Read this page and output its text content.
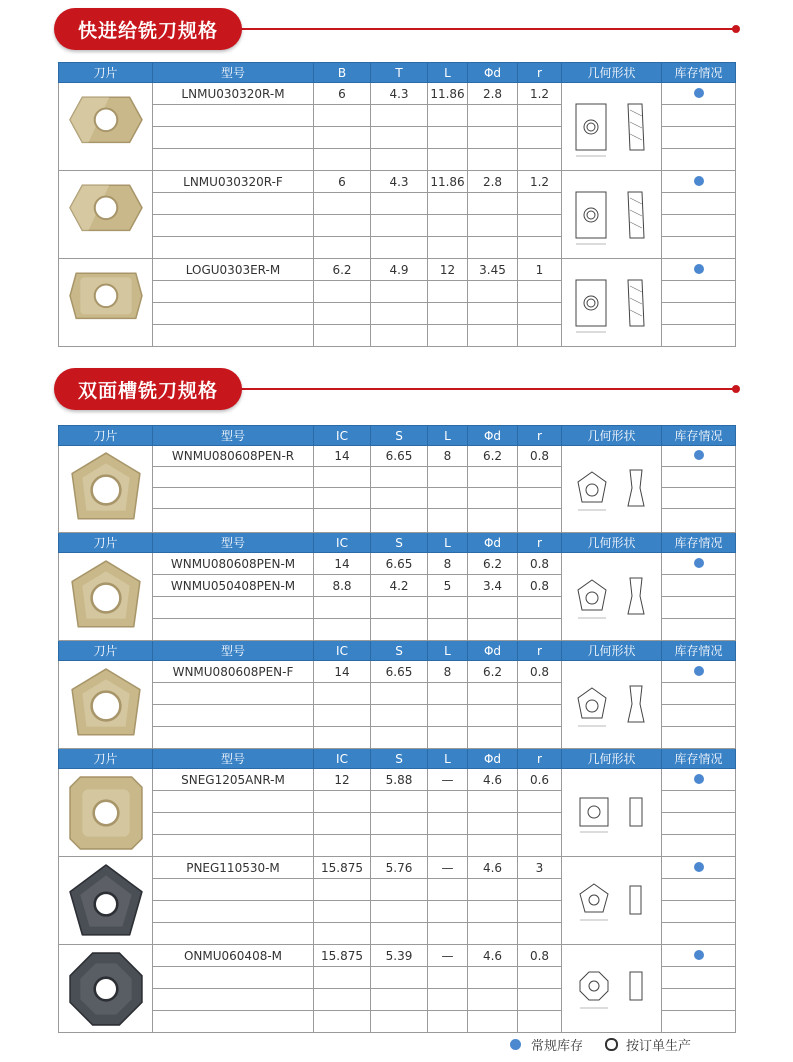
快进给铣刀规格
刀片	型号	B	T	L	Φd	r	几何形状	库存情况

	LNMU030320R-M	6	4.3	11.86	2.8	1.2	

	LNMU030320R-F	6	4.3	11.86	2.8	1.2	

	LOGU0303ER-M	6.2	4.9	12	3.45	1	

双面槽铣刀规格
刀片	型号	IC	S	L	Φd	r	几何形状	库存情况

	WNMU080608PEN-R	14	6.65	8	6.2	0.8	

刀片	型号	IC	S	L	Φd	r	几何形状	库存情况

	WNMU080608PEN-M	14	6.65	8	6.2	0.8	

	WNMU050408PEN-M	8.8	4.2	5	3.4	0.8		

刀片	型号	IC	S	L	Φd	r	几何形状	库存情况

	WNMU080608PEN-F	14	6.65	8	6.2	0.8	

刀片	型号	IC	S	L	Φd	r	几何形状	库存情况

	SNEG1205ANR-M	12	5.88	—	4.6	0.6	

	PNEG110530-M	15.875	5.76	—	4.6	3	

	ONMU060408-M	15.875	5.39	—	4.6	0.8	

常规库存	按订单生产
